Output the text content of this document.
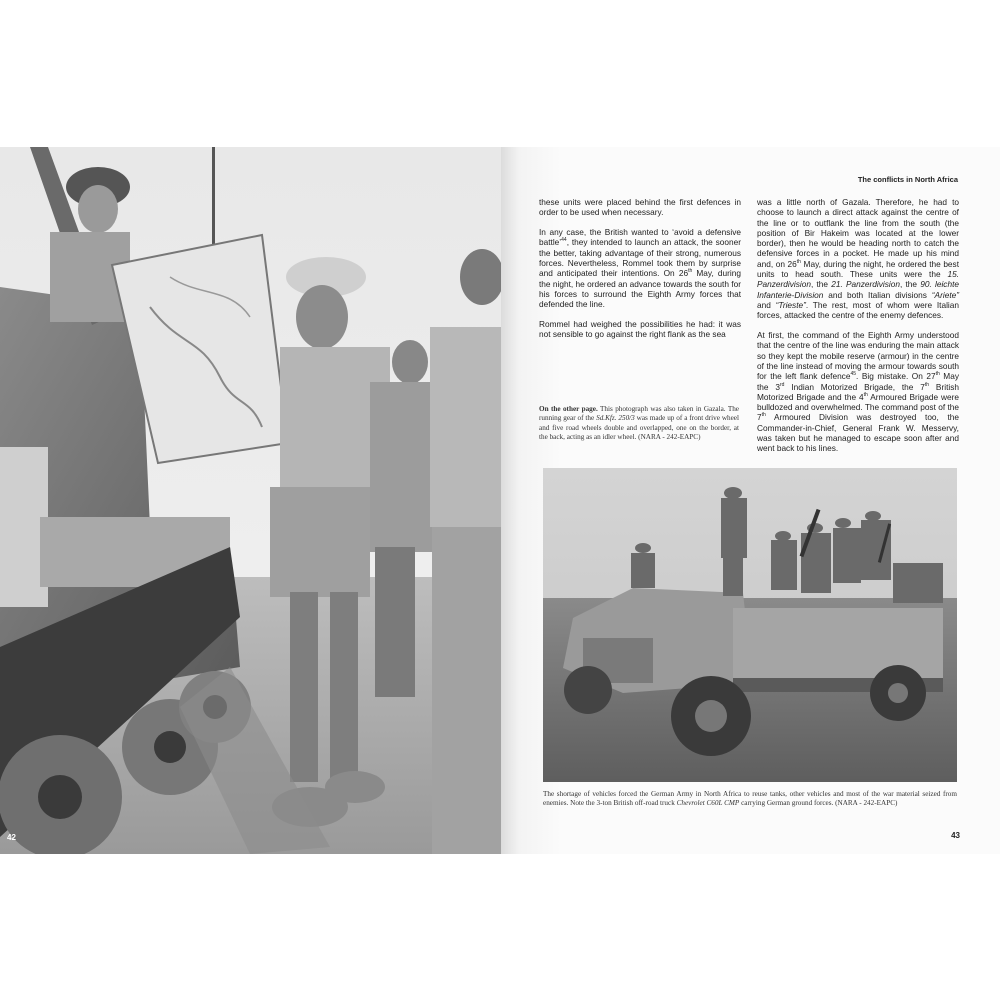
42
The conflicts in North Africa

these units were placed behind the first defences in order to be used when necessary.

In any case, the British wanted to ‘avoid a defensive battle’$^{44}$, they intended to launch an attack, the sooner the better, taking advantage of their strong, numerous forces. Nevertheless, Rommel took them by surprise and anticipated their intentions. On 26th May, during the night, he ordered an advance towards the south for his forces to surround the Eighth Army forces that defended the line.

Rommel had weighed the possibilities he had: it was not sensible to go against the right flank as the sea

On the other page. This photograph was also taken in Gazala. The running gear of the Sd.Kfz. 250/3 was made up of a front drive wheel and five road wheels double and overlapped, one on the border, at the back, acting as an idler wheel. (NARA - 242-EAPC)

was a little north of Gazala. Therefore, he had to choose to launch a direct attack against the centre of the line or to outflank the line from the south (the position of Bir Hakeim was located at the lower border), then he would be heading north to catch the defensive forces in a pocket. He made up his mind and, on 26th May, during the night, he ordered the best units to head south. These units were the 15. Panzerdivision, the 21. Panzerdivision, the 90. leichte Infanterie-Division and both Italian divisions “Ariete” and “Trieste”. The rest, most of whom were Italian forces, attacked the centre of the enemy defences.

At first, the command of the Eighth Army understood that the centre of the line was enduring the main attack so they kept the mobile reserve (armour) in the centre of the line instead of moving the armour towards south for the left flank defence$^{45}$. Big mistake. On 27th May the 3rd Indian Motorized Brigade, the 7th British Motorized Brigade and the 4th Armoured Brigade were bulldozed and overwhelmed. The command post of the 7th Armoured Division was destroyed too, the Commander-in-Chief, General Frank W. Messervy, was taken but he managed to escape soon after and went back to his lines.

The shortage of vehicles forced the German Army in North Africa to reuse tanks, other vehicles and most of the war material seized from enemies. Note the 3-ton British off-road truck Chevrolet C60L CMP carrying German ground forces. (NARA - 242-EAPC)
43
